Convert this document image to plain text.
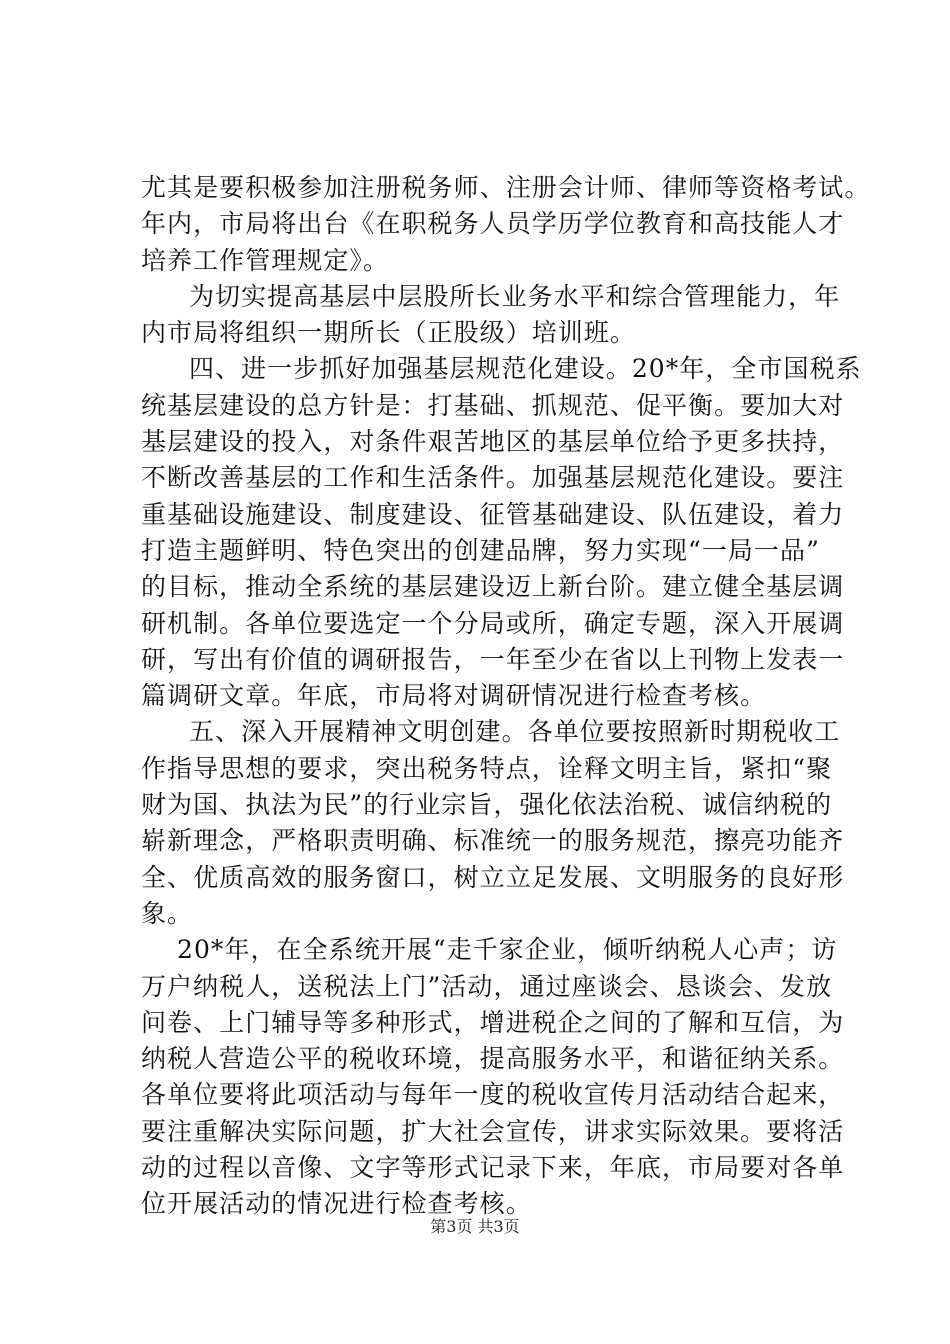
尤其是要积极参加注册税务师、注册会计师、律师等资格考试。
年内，市局将出台《在职税务人员学历学位教育和高技能人才
培养工作管理规定》。
为切实提高基层中层股所长业务水平和综合管理能力，年
内市局将组织一期所长（正股级）培训班。
四、进一步抓好加强基层规范化建设。20*年，全市国税系
统基层建设的总方针是：打基础、抓规范、促平衡。要加大对
基层建设的投入，对条件艰苦地区的基层单位给予更多扶持，
不断改善基层的工作和生活条件。加强基层规范化建设。要注
重基础设施建设、制度建设、征管基础建设、队伍建设，着力
打造主题鲜明、特色突出的创建品牌，努力实现“一局一品”
的目标，推动全系统的基层建设迈上新台阶。建立健全基层调
研机制。各单位要选定一个分局或所，确定专题，深入开展调
研，写出有价值的调研报告，一年至少在省以上刊物上发表一
篇调研文章。年底，市局将对调研情况进行检查考核。
五、深入开展精神文明创建。各单位要按照新时期税收工
作指导思想的要求，突出税务特点，诠释文明主旨，紧扣“聚
财为国、执法为民”的行业宗旨，强化依法治税、诚信纳税的
崭新理念，严格职责明确、标准统一的服务规范，擦亮功能齐
全、优质高效的服务窗口，树立立足发展、文明服务的良好形
象。
20*年，在全系统开展“走千家企业，倾听纳税人心声；访
万户纳税人，送税法上门”活动，通过座谈会、恳谈会、发放
问卷、上门辅导等多种形式，增进税企之间的了解和互信，为
纳税人营造公平的税收环境，提高服务水平，和谐征纳关系。
各单位要将此项活动与每年一度的税收宣传月活动结合起来，
要注重解决实际问题，扩大社会宣传，讲求实际效果。要将活
动的过程以音像、文字等形式记录下来，年底，市局要对各单
位开展活动的情况进行检查考核。
第3页 共3页
